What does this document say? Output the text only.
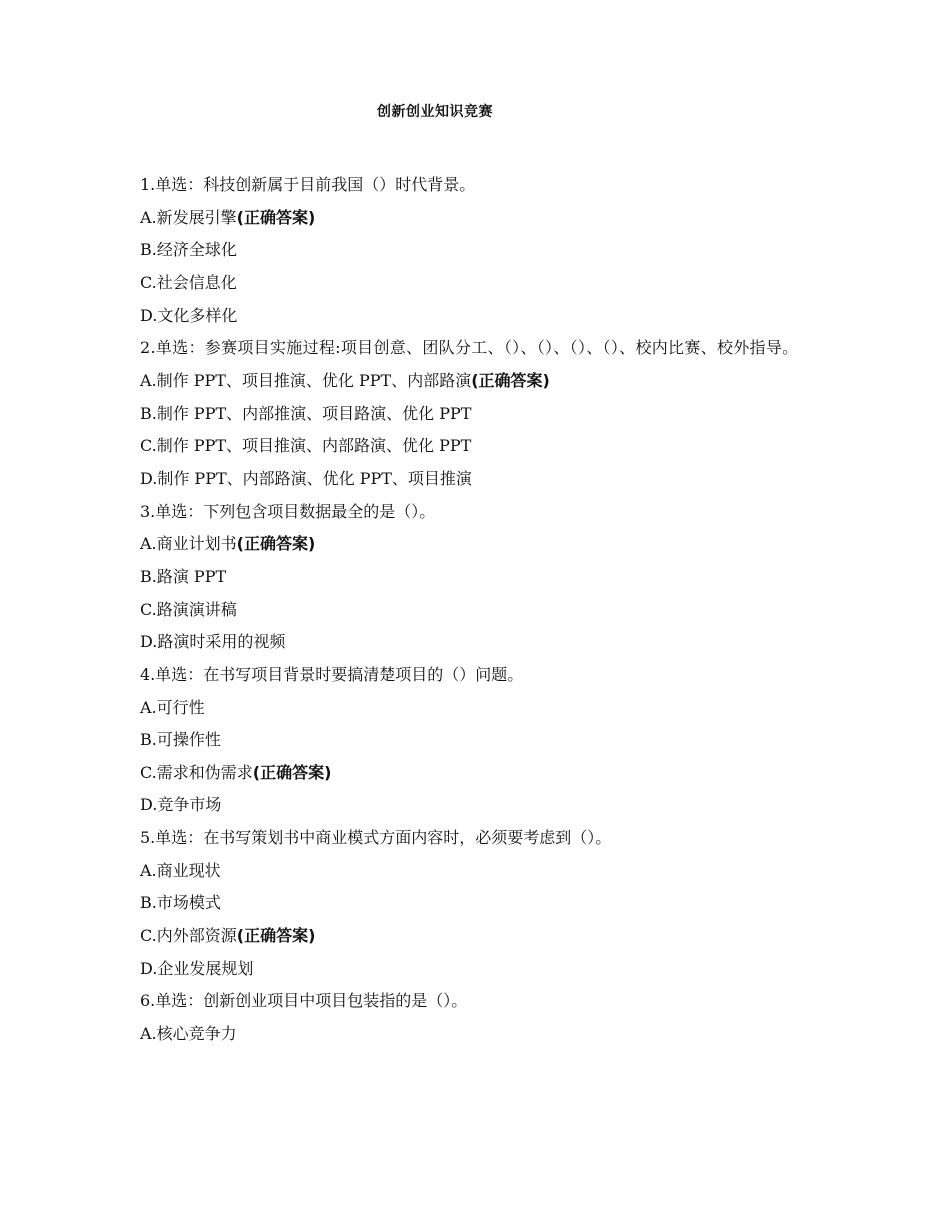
创新创业知识竞赛
1.单选：科技创新属于目前我国（）时代背景。
A.新发展引擎(正确答案)
B.经济全球化
C.社会信息化
D.文化多样化
2.单选：参赛项目实施过程:项目创意、团队分工、（）、（）、（）、（）、校内比赛、校外指导。
A.制作 PPT、项目推演、优化 PPT、内部路演(正确答案)
B.制作 PPT、内部推演、项目路演、优化 PPT
C.制作 PPT、项目推演、内部路演、优化 PPT
D.制作 PPT、内部路演、优化 PPT、项目推演
3.单选：下列包含项目数据最全的是（）。
A.商业计划书(正确答案)
B.路演 PPT
C.路演演讲稿
D.路演时采用的视频
4.单选：在书写项目背景时要搞清楚项目的（）问题。
A.可行性
B.可操作性
C.需求和伪需求(正确答案)
D.竞争市场
5.单选：在书写策划书中商业模式方面内容时，必须要考虑到（）。
A.商业现状
B.市场模式
C.内外部资源(正确答案)
D.企业发展规划
6.单选：创新创业项目中项目包装指的是（）。
A.核心竞争力
